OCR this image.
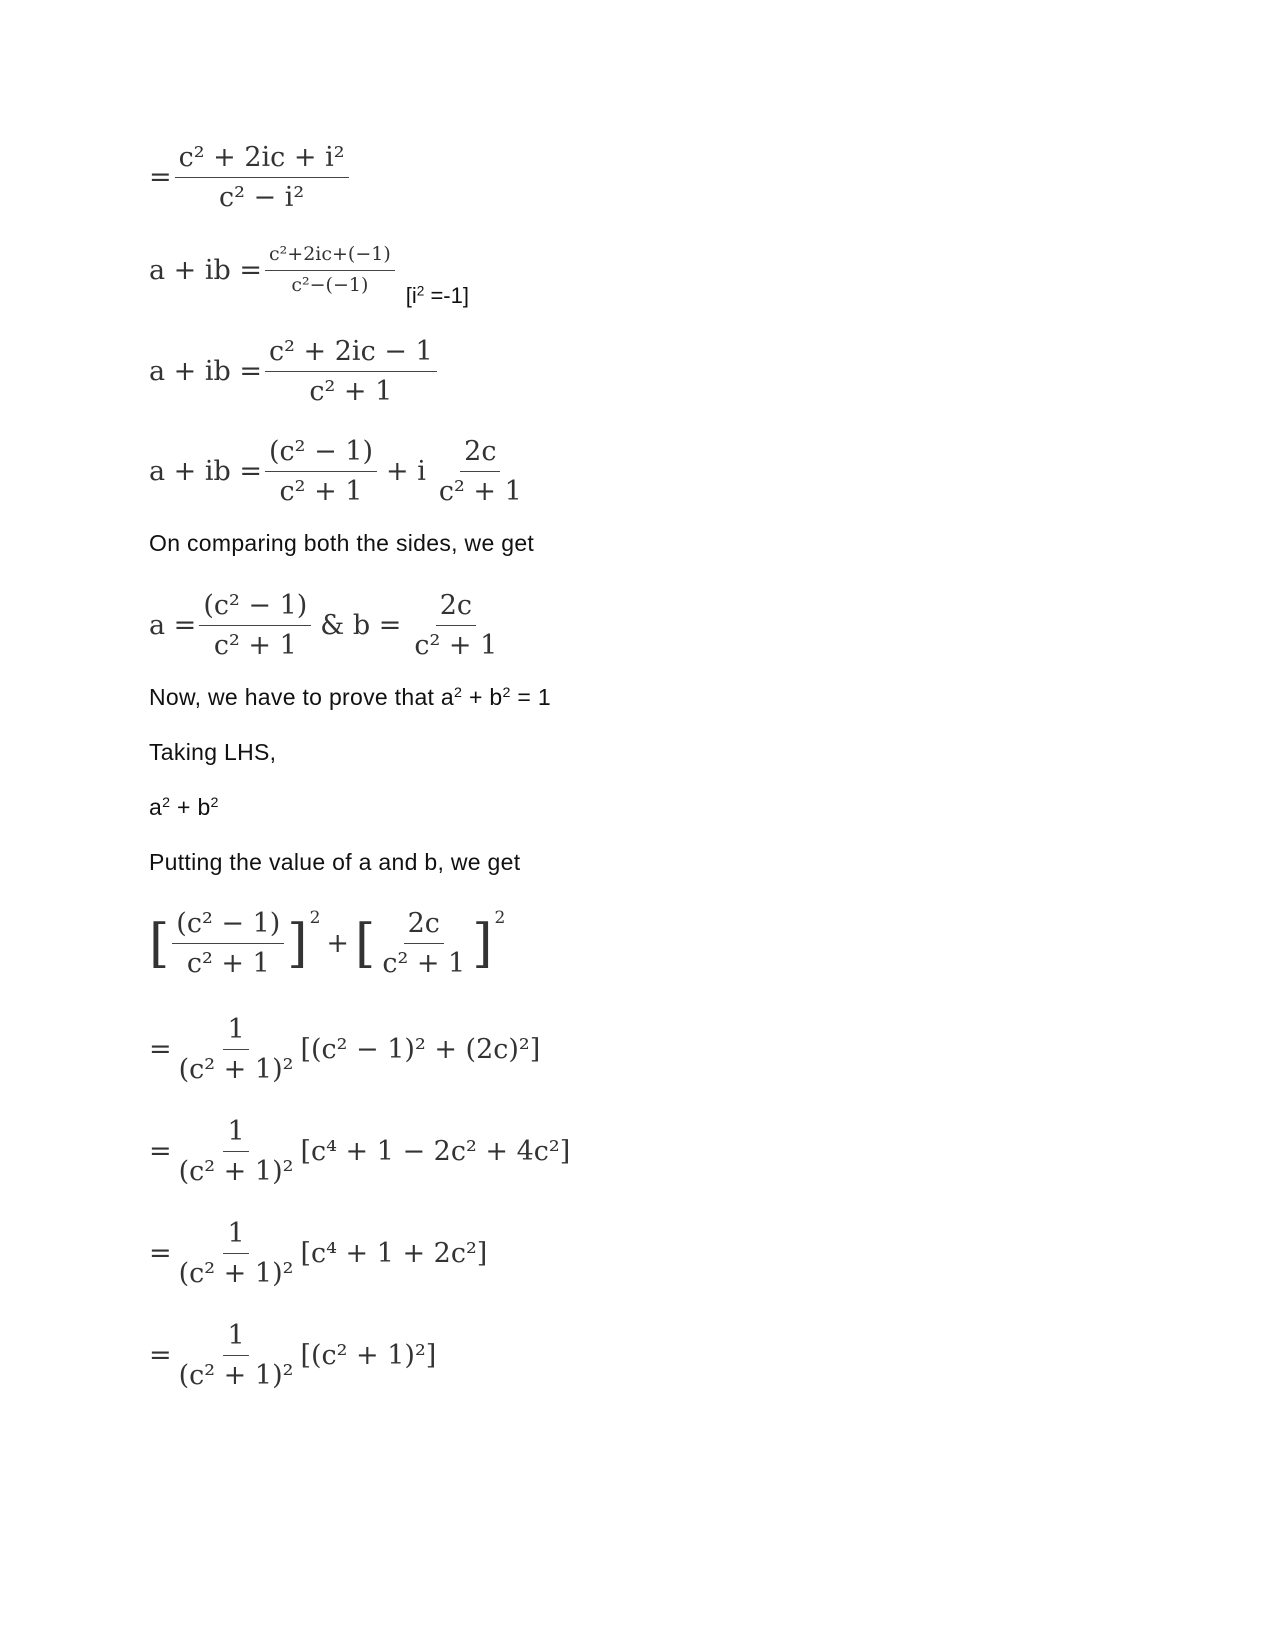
= $\frac{\text{c² + 2ic + i²}}{\text{c² − i²}}$
a + ib = $\frac{\text{c²+2ic+(−1)}}{\text{c²−(−1)}} [i^2 =-1]$
a + ib = $\frac{\text{c² + 2ic − 1}}{\text{c² + 1}}$
a + ib = $\frac{\text{(c² − 1)}}{\text{c² + 1}} + i \frac{2c}{\text{c² + 1}}$
On comparing both the sides, we get
$a = \frac{\text{(c² − 1)}}{\text{c² + 1}}$ & $b = \frac{2c}{\text{c² + 1}}$
Now, we have to prove that $a^2 + b^2 = 1$
Taking LHS,
$a^2 + b^2$
Putting the value of a and b, we get
[ $\frac{\text{(c² − 1)}}{\text{c² + 1}}$ ] 2
+ [ $\frac{2c}{\text{c² + 1}}$ ] 2
= $\frac{1}{\text{(c² + 1)²}} [(c^2 - 1)^2 + (2c)^2]$
= $\frac{1}{\text{(c² + 1)²}} [c^4 + 1 - 2c^2 + 4c^2]$
= $\frac{1}{\text{(c² + 1)²}} [c^4 + 1 + 2c^2]$
= $\frac{1}{\text{(c² + 1)²}} [(c^2 + 1)^2]$
